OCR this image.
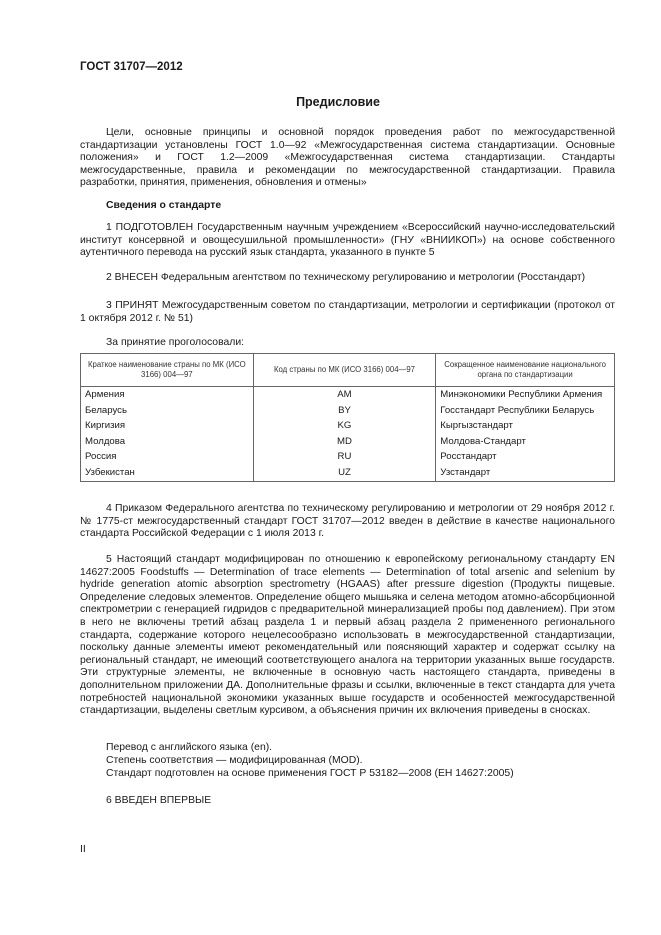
ГОСТ 31707—2012
Предисловие

Цели, основные принципы и основной порядок проведения работ по межгосударственной стандартизации установлены ГОСТ 1.0—92 «Межгосударственная система стандартизации. Основные положения» и ГОСТ 1.2—2009 «Межгосударственная система стандартизации. Стандарты межгосударственные, правила и рекомендации по межгосударственной стандартизации. Правила разработки, принятия, применения, обновления и отмены»

Сведения о стандарте

1 ПОДГОТОВЛЕН Государственным научным учреждением «Всероссийский научно-исследовательский институт консервной и овощесушильной промышленности» (ГНУ «ВНИИКОП») на основе собственного аутентичного перевода на русский язык стандарта, указанного в пункте 5

2 ВНЕСЕН Федеральным агентством по техническому регулированию и метрологии (Росстандарт)

3 ПРИНЯТ Межгосударственным советом по стандартизации, метрологии и сертификации (протокол от 1 октября 2012 г. № 51)

За принятие проголосовали:

Краткое наименование страны по МК (ИСО 3166) 004—97	Код страны по МК (ИСО 3166) 004—97	Сокращенное наименование национального органа по стандартизации
Армения	AM	Минэкономики Республики Армения
Беларусь	BY	Госстандарт Республики Беларусь
Киргизия	KG	Кыргызстандарт
Молдова	MD	Молдова-Стандарт
Россия	RU	Росстандарт
Узбекистан	UZ	Узстандарт

4 Приказом Федерального агентства по техническому регулированию и метрологии от 29 ноября 2012 г. № 1775-ст межгосударственный стандарт ГОСТ 31707—2012 введен в действие в качестве национального стандарта Российской Федерации с 1 июля 2013 г.

5 Настоящий стандарт модифицирован по отношению к европейскому региональному стандарту EN 14627:2005 Foodstuffs — Determination of trace elements — Determination of total arsenic and selenium by hydride generation atomic absorption spectrometry (HGAAS) after pressure digestion (Продукты пищевые. Определение следовых элементов. Определение общего мышьяка и селена методом атомно-абсорбционной спектрометрии с генерацией гидридов с предварительной минерализацией пробы под давлением). При этом в него не включены третий абзац раздела 1 и первый абзац раздела 2 примененного регионального стандарта, содержание которого нецелесообразно использовать в межгосударственной стандартизации, поскольку данные элементы имеют рекомендательный или поясняющий характер и содержат ссылку на региональный стандарт, не имеющий соответствующего аналога на территории указанных выше государств. Эти структурные элементы, не включенные в основную часть настоящего стандарта, приведены в дополнительном приложении ДА. Дополнительные фразы и ссылки, включенные в текст стандарта для учета потребностей национальной экономики указанных выше государств и особенностей межгосударственной стандартизации, выделены светлым курсивом, а объяснения причин их включения приведены в сносках.

Перевод с английского языка (en).

Степень соответствия — модифицированная (MOD).

Стандарт подготовлен на основе применения ГОСТ Р 53182—2008 (ЕН 14627:2005)

6 ВВЕДЕН ВПЕРВЫЕ

II
